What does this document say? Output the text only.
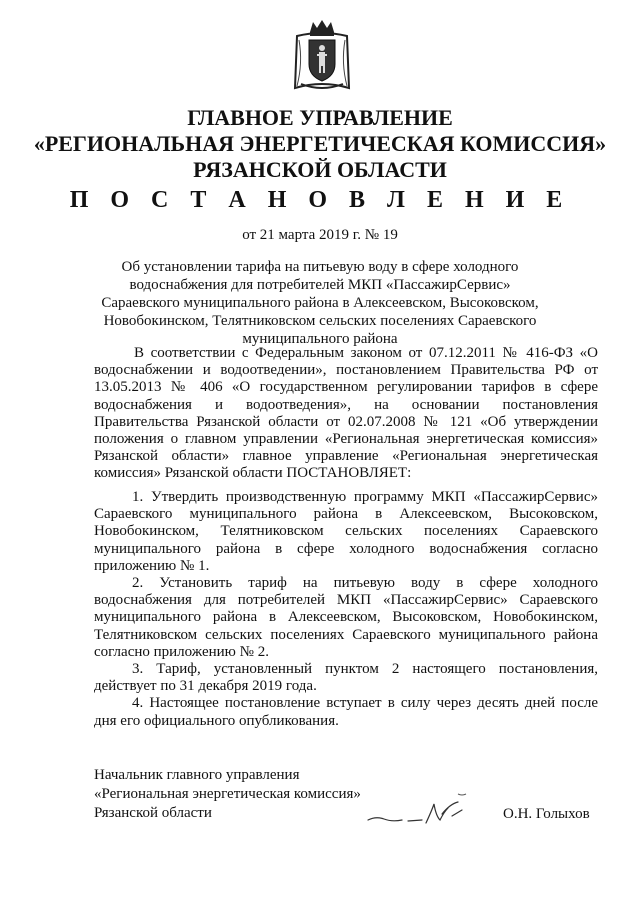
ГЛАВНОЕ УПРАВЛЕНИЕ
«РЕГИОНАЛЬНАЯ ЭНЕРГЕТИЧЕСКАЯ КОМИССИЯ»
РЯЗАНСКОЙ ОБЛАСТИ
П О С Т А Н О В Л Е Н И Е
от 21 марта 2019 г. № 19
Об установлении тарифа на питьевую воду в сфере холодного водоснабжения для потребителей МКП «ПассажирСервис» Сараевского муниципального района в Алексеевском, Высоковском, Новобокинском, Телятниковском сельских поселениях Сараевского муниципального района
В соответствии с Федеральным законом от 07.12.2011 № 416-ФЗ «О водоснабжении и водоотведении», постановлением Правительства РФ от 13.05.2013 № 406 «О государственном регулировании тарифов в сфере водоснабжения и водоотведения», на основании постановления Правительства Рязанской области от 02.07.2008 № 121 «Об утверждении положения о главном управлении «Региональная энергетическая комиссия» Рязанской области» главное управление «Региональная энергетическая комиссия» Рязанской области ПОСТАНОВЛЯЕТ:

1. Утвердить производственную программу МКП «ПассажирСервис» Сараевского муниципального района в Алексеевском, Высоковском, Новобокинском, Телятниковском сельских поселениях Сараевского муниципального района в сфере холодного водоснабжения согласно приложению № 1.

2. Установить тариф на питьевую воду в сфере холодного водоснабжения для потребителей МКП «ПассажирСервис» Сараевского муниципального района в Алексеевском, Высоковском, Новобокинском, Телятниковском сельских поселениях Сараевского муниципального района согласно приложению № 2.

3. Тариф, установленный пунктом 2 настоящего постановления, действует по 31 декабря 2019 года.

4. Настоящее постановление вступает в силу через десять дней после дня его официального опубликования.

Начальник главного управления
«Региональная энергетическая комиссия»
Рязанской области	О.Н. Голыхов
